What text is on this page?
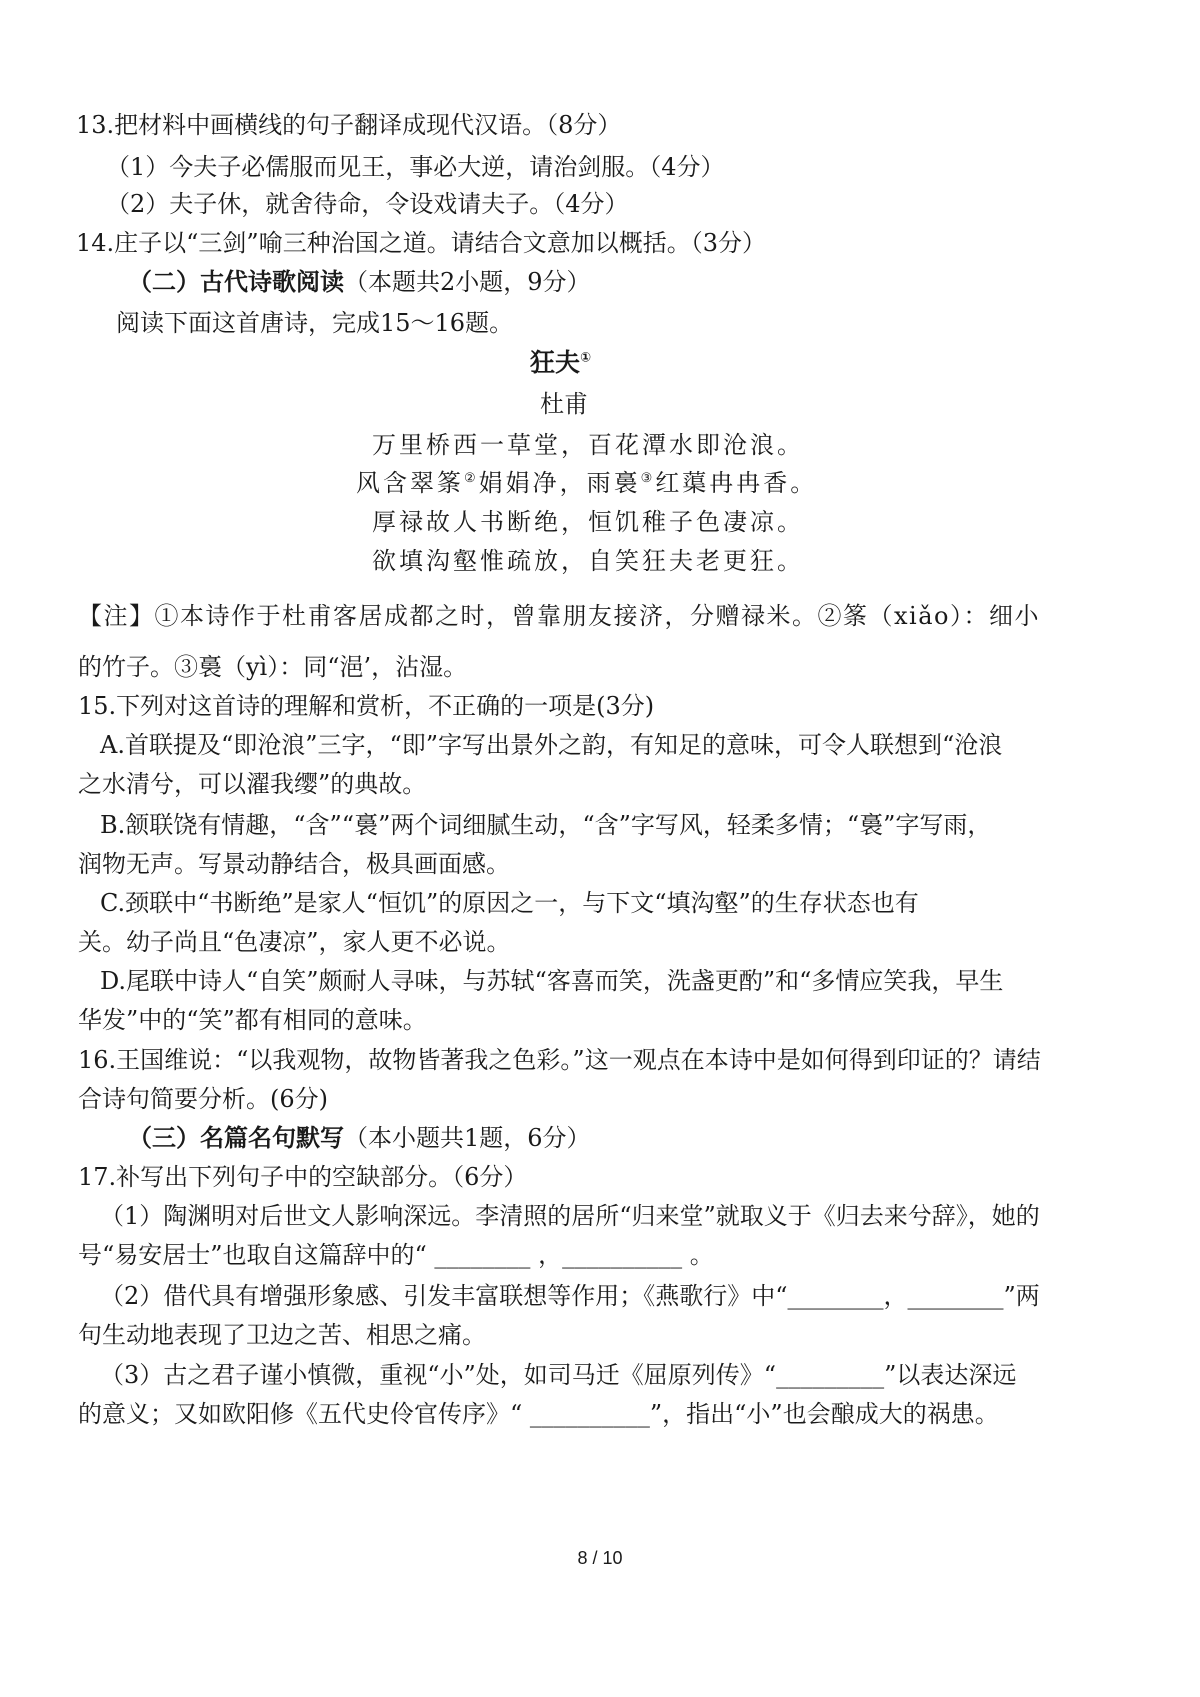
13.把材料中画横线的句子翻译成现代汉语。（8分）
（1）今夫子必儒服而见王，事必大逆，请治剑服。（4分）
（2）夫子休，就舍待命，令设戏请夫子。（4分）
14.庄子以“三剑”喻三种治国之道。请结合文意加以概括。（3分）
（二）古代诗歌阅读（本题共2小题，9分）
阅读下面这首唐诗，完成15～16题。
狂夫①
杜甫
万里桥西一草堂，百花潭水即沧浪。
风含翠筿②娟娟净，雨裛③红蕖冉冉香。
厚禄故人书断绝，恒饥稚子色凄凉。
欲填沟壑惟疏放，自笑狂夫老更狂。
【注】①本诗作于杜甫客居成都之时，曾靠朋友接济，分赠禄米。②筿（xiǎo）：细小
的竹子。③裛（yì）：同“浥’，沾湿。
15.下列对这首诗的理解和赏析，不正确的一项是(3分)
A.首联提及“即沧浪”三字，“即”字写出景外之韵，有知足的意味，可令人联想到“沧浪
之水清兮，可以濯我缨”的典故。
B.颔联饶有情趣，“含”“裛”两个词细腻生动，“含”字写风，轻柔多情；“裛”字写雨，
润物无声。写景动静结合，极具画面感。
C.颈联中“书断绝”是家人“恒饥”的原因之一，与下文“填沟壑”的生存状态也有
关。幼子尚且“色凄凉”，家人更不必说。
D.尾联中诗人“自笑”颇耐人寻味，与苏轼“客喜而笑，洗盏更酌”和“多情应笑我，早生
华发”中的“笑”都有相同的意味。
16.王国维说：“以我观物，故物皆著我之色彩。”这一观点在本诗中是如何得到印证的？请结
合诗句简要分析。(6分)
（三）名篇名句默写（本小题共1题，6分）
17.补写出下列句子中的空缺部分。（6分）
（1）陶渊明对后世文人影响深远。李清照的居所“归来堂”就取义于《归去来兮辞》，她的
号“易安居士”也取自这篇辞中的“ ________ ，__________ 。
（2）借代具有增强形象感、引发丰富联想等作用；《燕歌行》中“________，________”两
句生动地表现了卫边之苦、相思之痛。
（3）古之君子谨小慎微，重视“小”处，如司马迁《屈原列传》“_________”以表达深远
的意义；又如欧阳修《五代史伶官传序》“ __________”，指出“小”也会酿成大的祸患。
8 / 10
